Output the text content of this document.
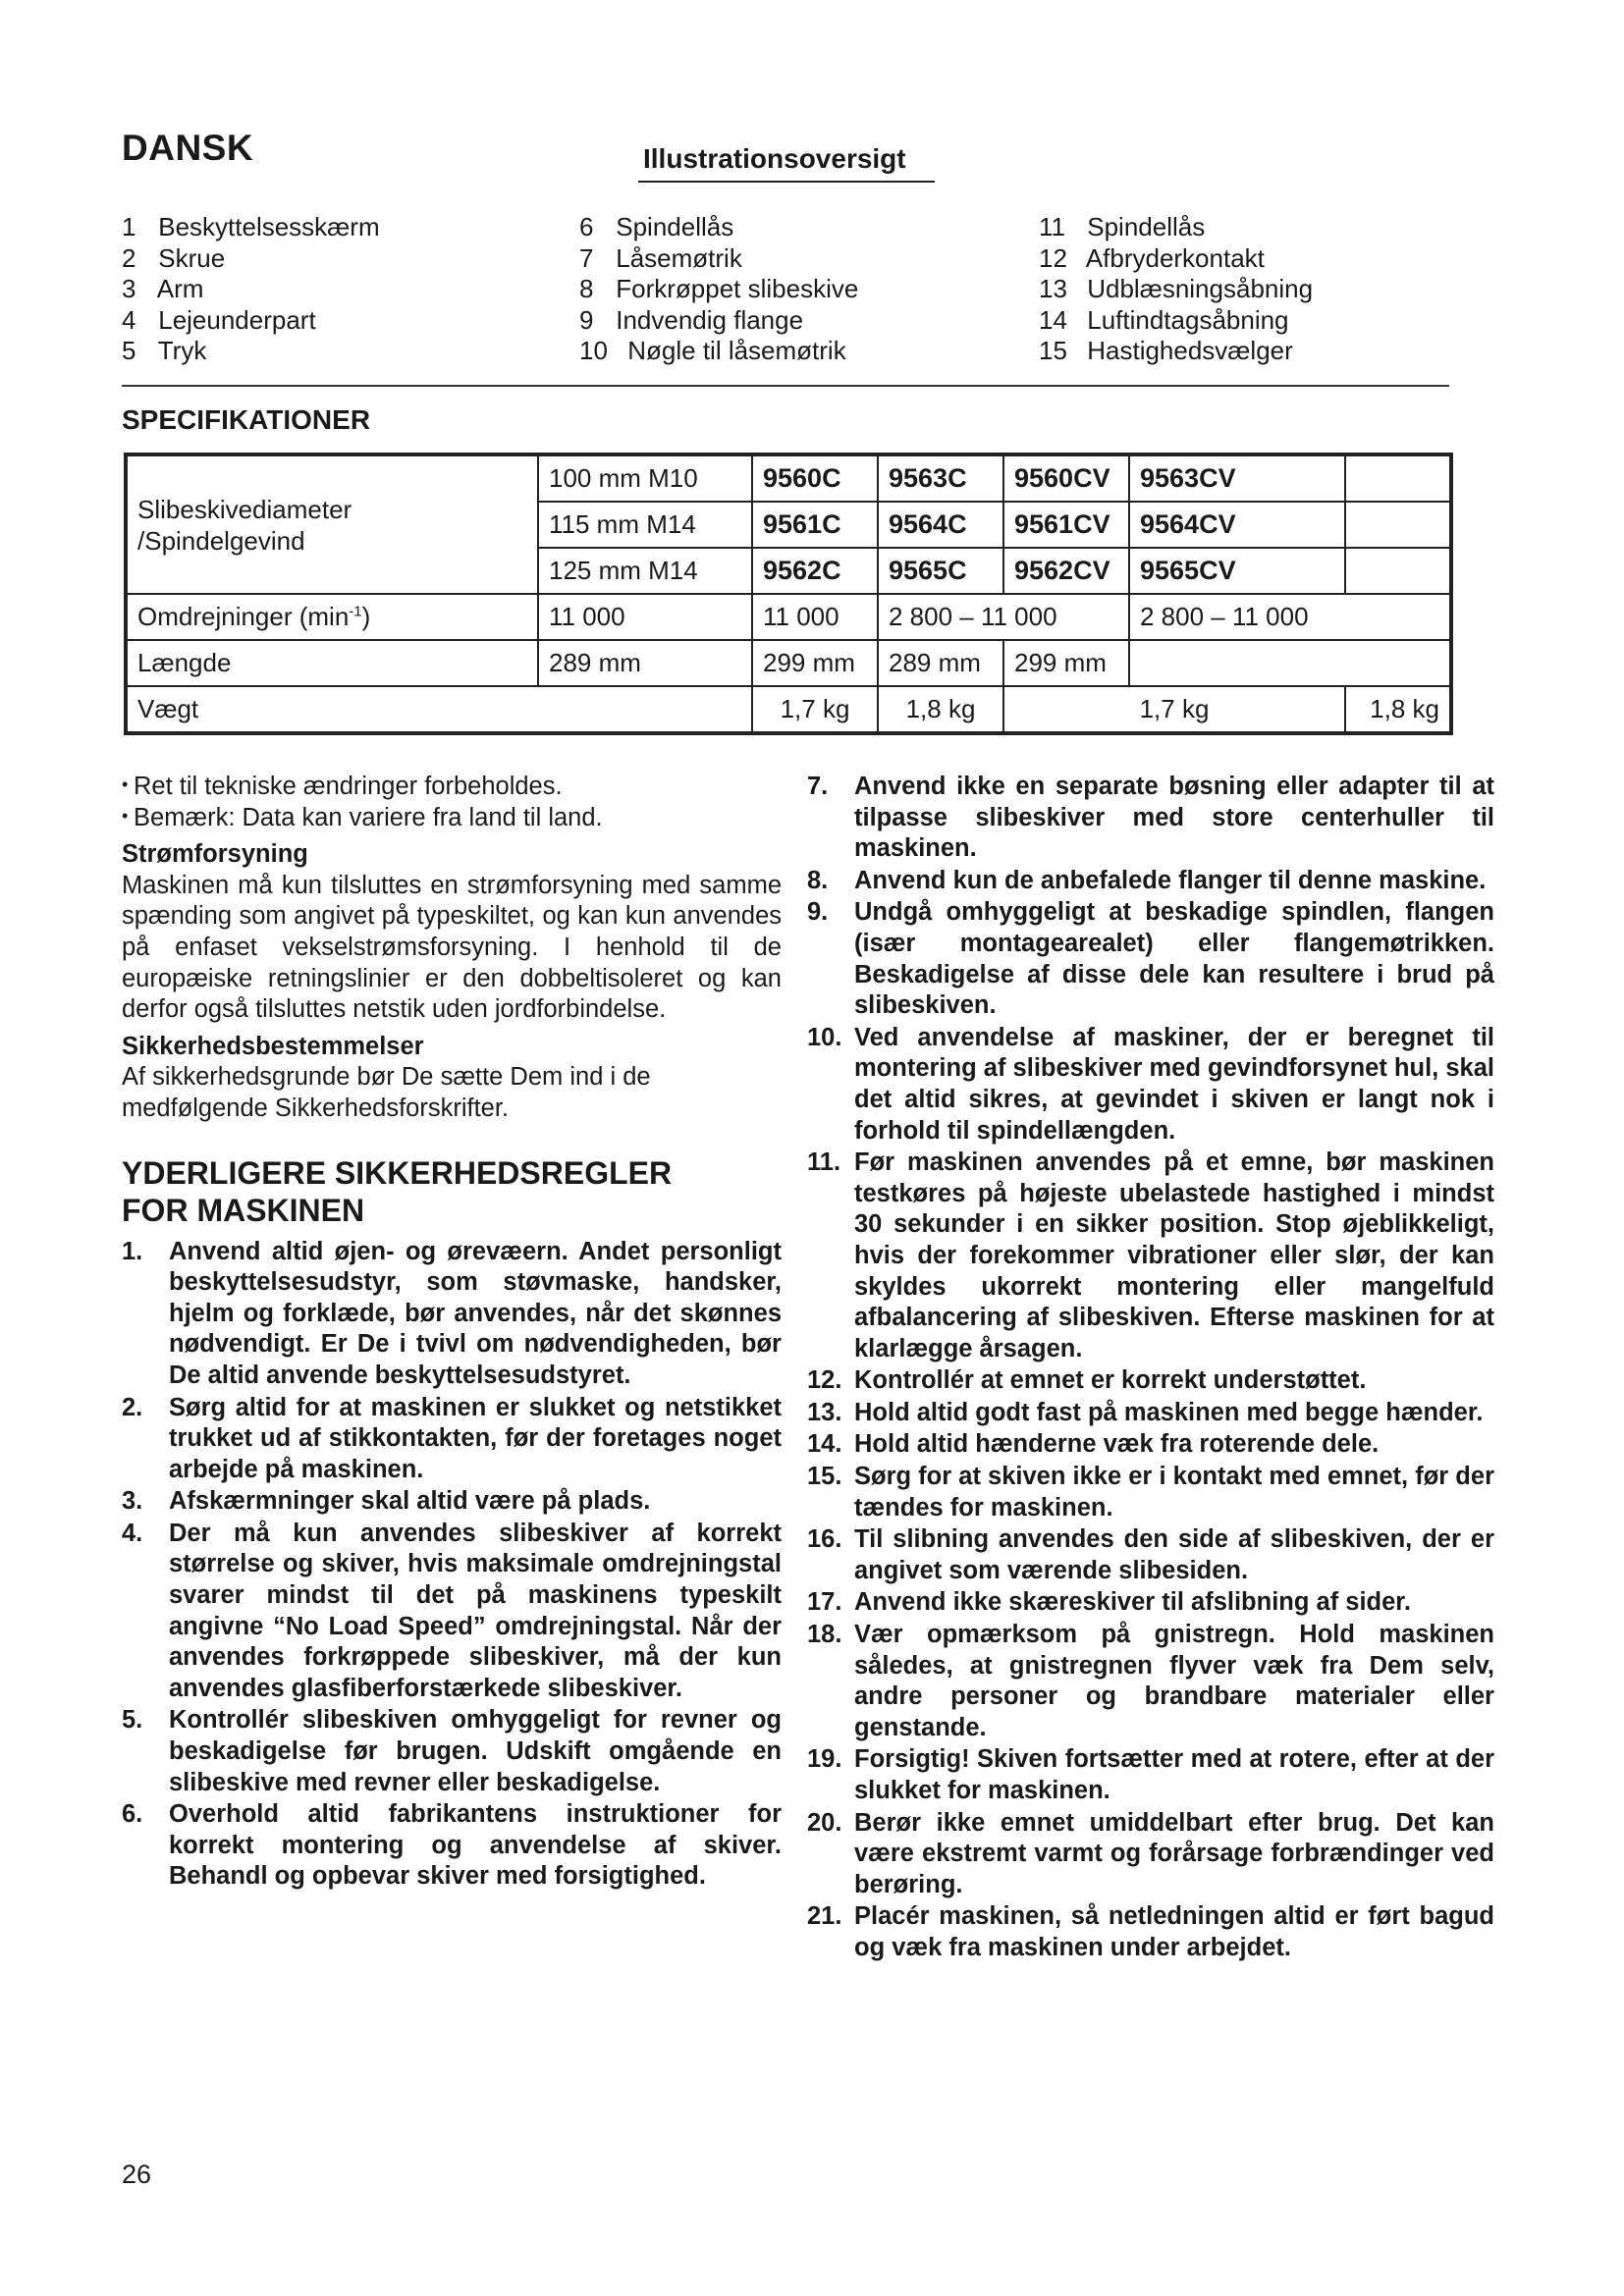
DANSK	Illustrationsoversigt
1 Beskyttelsesskærm
2 Skrue
3 Arm
4 Lejeunderpart
5 Tryk
6 Spindellås
7 Låsemøtrik
8 Forkrøppet slibeskive
9 Indvendig flange
10 Nøgle til låsemøtrik
11 Spindellås
12 Afbryderkontakt
13 Udblæsningsåbning
14 Luftindtagsåbning
15 Hastighedsvælger
SPECIFIKATIONER
Slibeskivediameter
/Spindelgevind	100 mm M10	9560C	9563C	9560CV	9563CV	
	115 mm M14	9561C	9564C	9561CV	9564CV	
	125 mm M14	9562C	9565C	9562CV	9565CV	
Omdrejninger $(\min^{-1})$	11 000	11 000	2 800 – 11 000		2 800 – 11 000	
Længde	289 mm	299 mm	289 mm	299 mm		
Vægt		1,7 kg	1,8 kg	1,7 kg		1,8 kg

• Ret til tekniske ændringer forbeholdes.

• Bemærk: Data kan variere fra land til land.

Strømforsyning

Maskinen må kun tilsluttes en strømforsyning med samme spænding som angivet på typeskiltet, og kan kun anvendes på enfaset vekselstrømsforsyning. I henhold til de europæiske retningslinier er den dobbeltisoleret og kan derfor også tilsluttes netstik uden jordforbindelse.

Sikkerhedsbestemmelser

Af sikkerhedsgrunde bør De sætte Dem ind i de medfølgende Sikkerhedsforskrifter.

YDERLIGERE SIKKERHEDSREGLER

FOR MASKINEN

1. Anvend altid øjen- og ørevæern. Andet personligt beskyttelsesudstyr, som støvmaske, handsker, hjelm og forklæde, bør anvendes, når det skønnes nødvendigt. Er De i tvivl om nødvendigheden, bør De altid anvende beskyttelsesudstyret.
2. Sørg altid for at maskinen er slukket og netstikket trukket ud af stikkontakten, før der foretages noget arbejde på maskinen.
3. Afskærmninger skal altid være på plads.
4. Der må kun anvendes slibeskiver af korrekt størrelse og skiver, hvis maksimale omdrejningstal svarer mindst til det på maskinens typeskilt angivne “No Load Speed” omdrejningstal. Når der anvendes forkrøppede slibeskiver, må der kun anvendes glasfiberforstærkede slibeskiver.
5. Kontrollér slibeskiven omhyggeligt for revner og beskadigelse før brugen. Udskift omgående en slibeskive med revner eller beskadigelse.
6. Overhold altid fabrikantens instruktioner for korrekt montering og anvendelse af skiver. Behandl og opbevar skiver med forsigtighed.
7. Anvend ikke en separate bøsning eller adapter til at tilpasse slibeskiver med store centerhuller til maskinen.
8. Anvend kun de anbefalede flanger til denne maskine.
9. Undgå omhyggeligt at beskadige spindlen, flangen (især montagearealet) eller flangemøtrikken. Beskadigelse af disse dele kan resultere i brud på slibeskiven.
10. Ved anvendelse af maskiner, der er beregnet til montering af slibeskiver med gevindforsynet hul, skal det altid sikres, at gevindet i skiven er langt nok i forhold til spindellængden.
11. Før maskinen anvendes på et emne, bør maskinen testkøres på højeste ubelastede hastighed i mindst 30 sekunder i en sikker position. Stop øjeblikkeligt, hvis der forekommer vibrationer eller slør, der kan skyldes ukorrekt montering eller mangelfuld afbalancering af slibeskiven. Efterse maskinen for at klarlægge årsagen.
12. Kontrollér at emnet er korrekt understøttet.
13. Hold altid godt fast på maskinen med begge hænder.
14. Hold altid hænderne væk fra roterende dele.
15. Sørg for at skiven ikke er i kontakt med emnet, før der tændes for maskinen.
16. Til slibning anvendes den side af slibeskiven, der er angivet som værende slibesiden.
17. Anvend ikke skæreskiver til afslibning af sider.
18. Vær opmærksom på gnistregn. Hold maskinen således, at gnistregnen flyver væk fra Dem selv, andre personer og brandbare materialer eller genstande.
19. Forsigtig! Skiven fortsætter med at rotere, efter at der slukket for maskinen.
20. Berør ikke emnet umiddelbart efter brug. Det kan være ekstremt varmt og forårsage forbrændinger ved berøring.
21. Placér maskinen, så netledningen altid er ført bagud og væk fra maskinen under arbejdet.
26
